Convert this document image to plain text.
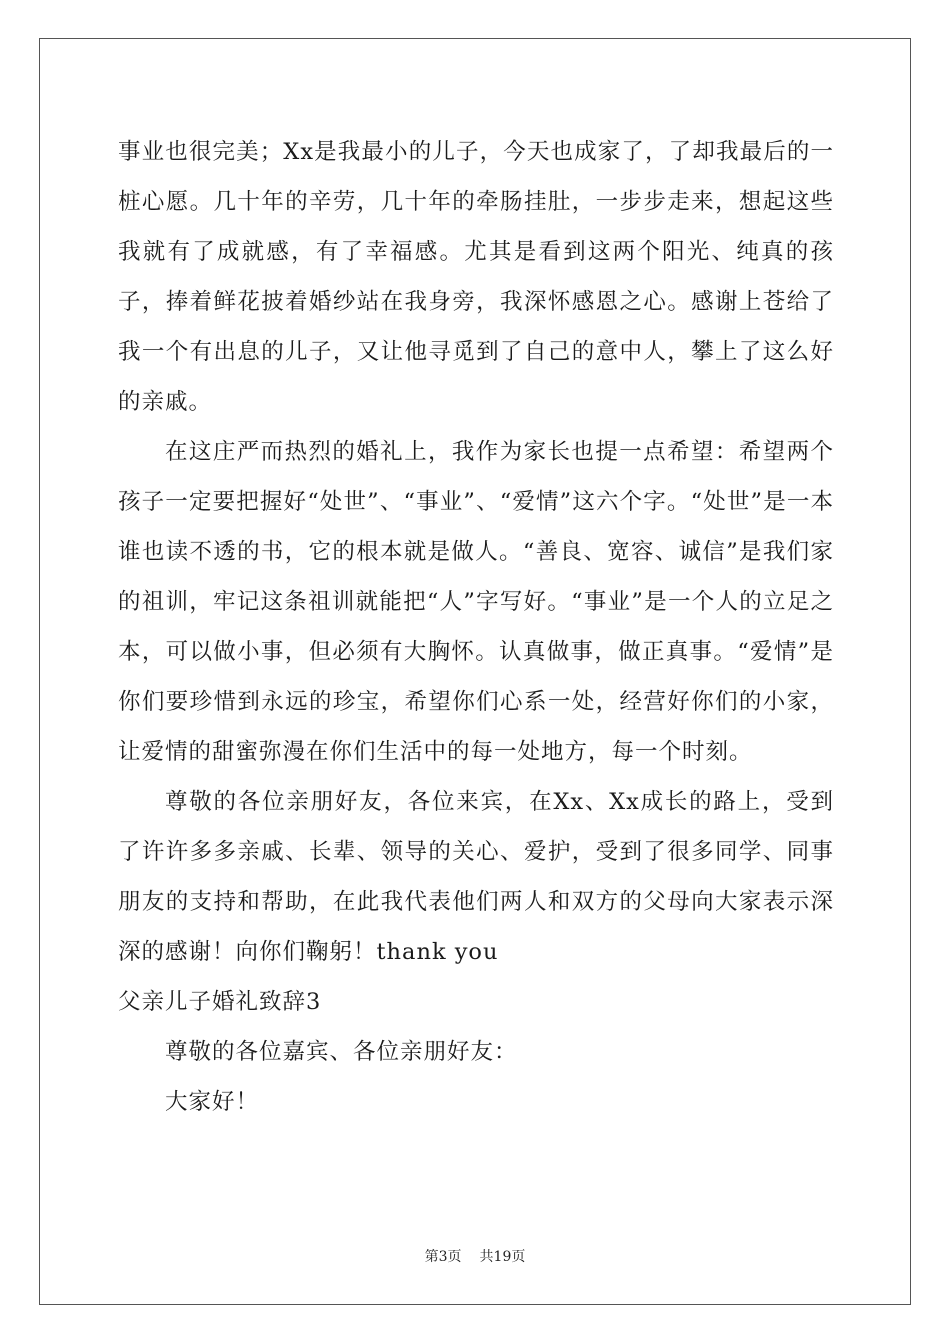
事业也很完美；Xx是我最小的儿子，今天也成家了，了却我最后的一桩心愿。几十年的辛劳，几十年的牵肠挂肚，一步步走来，想起这些我就有了成就感，有了幸福感。尤其是看到这两个阳光、纯真的孩子，捧着鲜花披着婚纱站在我身旁，我深怀感恩之心。感谢上苍给了我一个有出息的儿子，又让他寻觅到了自己的意中人，攀上了这么好的亲戚。

在这庄严而热烈的婚礼上，我作为家长也提一点希望：希望两个孩子一定要把握好“处世”、“事业”、“爱情”这六个字。“处世”是一本谁也读不透的书，它的根本就是做人。“善良、宽容、诚信”是我们家的祖训，牢记这条祖训就能把“人”字写好。“事业”是一个人的立足之本，可以做小事，但必须有大胸怀。认真做事，做正真事。“爱情”是你们要珍惜到永远的珍宝，希望你们心系一处，经营好你们的小家，让爱情的甜蜜弥漫在你们生活中的每一处地方，每一个时刻。

尊敬的各位亲朋好友，各位来宾，在Xx、Xx成长的路上，受到了许许多多亲戚、长辈、领导的关心、爱护，受到了很多同学、同事朋友的支持和帮助，在此我代表他们两人和双方的父母向大家表示深深的感谢！向你们鞠躬！thank you

父亲儿子婚礼致辞3

尊敬的各位嘉宾、各位亲朋好友：

大家好！

第3页 共19页
